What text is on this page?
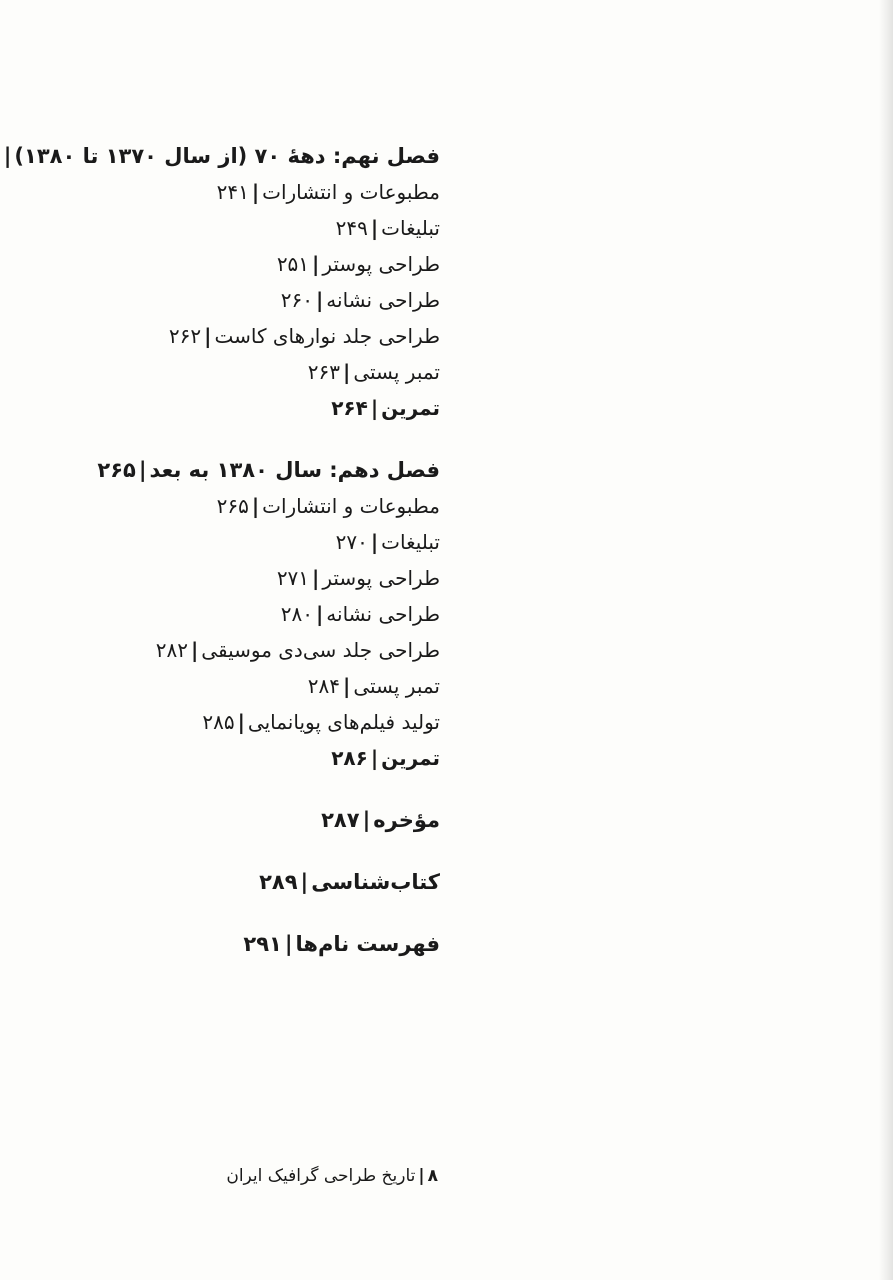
فصل نهم: دهۀ ۷۰ (از سال ۱۳۷۰ تا ۱۳۸۰)|
مطبوعات و انتشارات|۲۴۱
تبلیغات|۲۴۹
طراحی پوستر|۲۵۱
طراحی نشانه|۲۶۰
طراحی جلد نوارهای کاست|۲۶۲
تمبر پستی|۲۶۳
تمرین|۲۶۴
فصل دهم: سال ۱۳۸۰ به بعد|۲۶۵
مطبوعات و انتشارات|۲۶۵
تبلیغات|۲۷۰
طراحی پوستر|۲۷۱
طراحی نشانه|۲۸۰
طراحی جلد سی‌دی موسیقی|۲۸۲
تمبر پستی|۲۸۴
تولید فیلم‌های پویانمایی|۲۸۵
تمرین|۲۸۶
مؤخره|۲۸۷
کتاب‌شناسی|۲۸۹
فهرست نام‌ها|۲۹۱
۸|تاریخ طراحی گرافیک ایران
